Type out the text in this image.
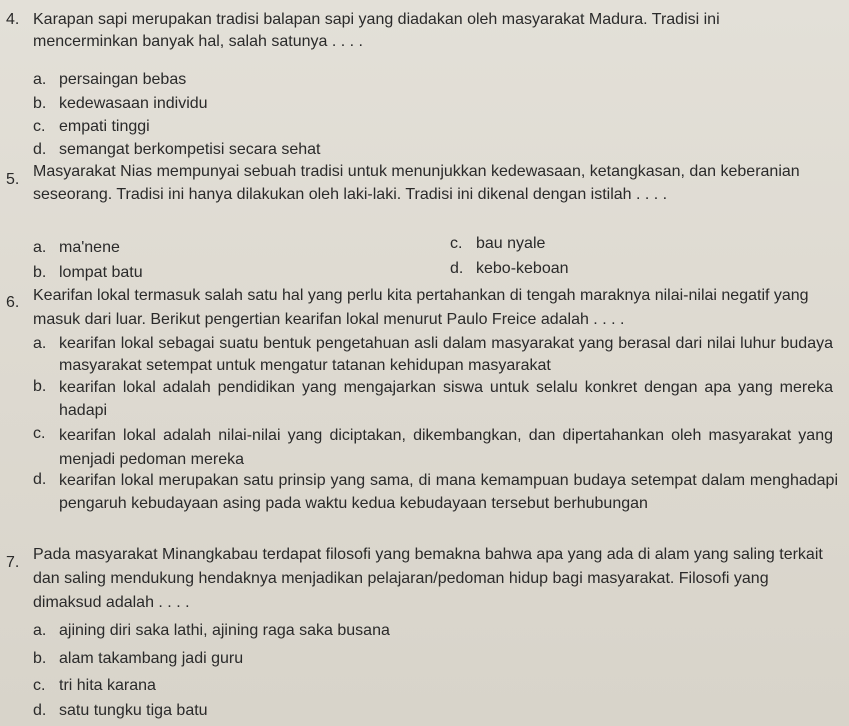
4. Karapan sapi merupakan tradisi balapan sapi yang diadakan oleh masyarakat Madura. Tradisi ini mencerminkan banyak hal, salah satunya . . . .

a. persaingan bebas
b. kedewasaan individu
c. empati tinggi
d. semangat berkompetisi secara sehat
5. Masyarakat Nias mempunyai sebuah tradisi untuk menunjukkan kedewasaan, ketangkasan, dan keberanian seseorang. Tradisi ini hanya dilakukan oleh laki-laki. Tradisi ini dikenal dengan istilah . . . .

a. ma'nene
b. lompat batu
c. bau nyale
d. kebo-keboan
6. Kearifan lokal termasuk salah satu hal yang perlu kita pertahankan di tengah maraknya nilai-nilai negatif yang masuk dari luar. Berikut pengertian kearifan lokal menurut Paulo Freice adalah . . . .

a. kearifan lokal sebagai suatu bentuk pengetahuan asli dalam masyarakat yang berasal dari nilai luhur budaya masyarakat setempat untuk mengatur tatanan kehidupan masyarakat
b. kearifan lokal adalah pendidikan yang mengajarkan siswa untuk selalu konkret dengan apa yang mereka hadapi
c. kearifan lokal adalah nilai-nilai yang diciptakan, dikembangkan, dan dipertahankan oleh masyarakat yang menjadi pedoman mereka
d. kearifan lokal merupakan satu prinsip yang sama, di mana kemampuan budaya setempat dalam menghadapi pengaruh kebudayaan asing pada waktu kedua kebudayaan tersebut berhubungan
7. Pada masyarakat Minangkabau terdapat filosofi yang bemakna bahwa apa yang ada di alam yang saling terkait dan saling mendukung hendaknya menjadikan pelajaran/pedoman hidup bagi masyarakat. Filosofi yang dimaksud adalah . . . .

a. ajining diri saka lathi, ajining raga saka busana
b. alam takambang jadi guru
c. tri hita karana
d. satu tungku tiga batu
